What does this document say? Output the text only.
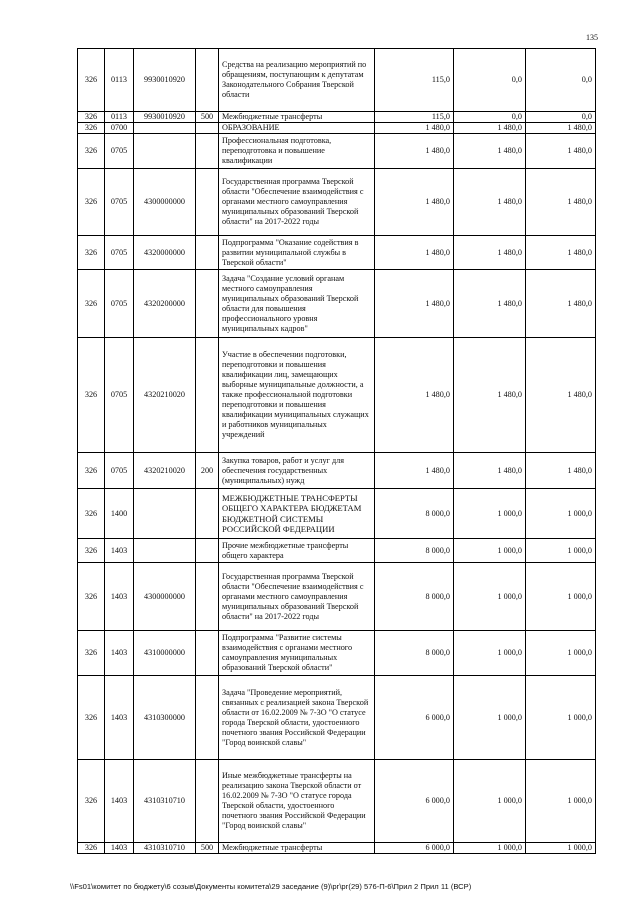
135
326	0113	9930010920		Средства на реализацию мероприятий по обращениям, поступающим к депутатам Законодательного Собрания Тверской области	115,0	0,0	0,0
326	0113	9930010920	500	Межбюджетные трансферты	115,0	0,0	0,0
326	0700			ОБРАЗОВАНИЕ	1 480,0	1 480,0	1 480,0
326	0705			Профессиональная подготовка, переподготовка и повышение квалификации	1 480,0	1 480,0	1 480,0
326	0705	4300000000		Государственная программа Тверской области "Обеспечение взаимодействия с органами местного самоуправления муниципальных образований Тверской области" на 2017-2022 годы	1 480,0	1 480,0	1 480,0
326	0705	4320000000		Подпрограмма "Оказание содействия в развитии муниципальной службы в Тверской области"	1 480,0	1 480,0	1 480,0
326	0705	4320200000		Задача "Создание условий органам местного самоуправления муниципальных образований Тверской области для повышения профессионального уровня муниципальных кадров"	1 480,0	1 480,0	1 480,0
326	0705	4320210020		Участие в обеспечении подготовки, переподготовки и повышения квалификации лиц, замещающих выборные муниципальные должности, а также профессиональной подготовки переподготовки и повышения квалификации муниципальных служащих и работников муниципальных учреждений	1 480,0	1 480,0	1 480,0
326	0705	4320210020	200	Закупка товаров, работ и услуг для обеспечения государственных (муниципальных) нужд	1 480,0	1 480,0	1 480,0
326	1400			МЕЖБЮДЖЕТНЫЕ ТРАНСФЕРТЫ ОБЩЕГО ХАРАКТЕРА БЮДЖЕТАМ БЮДЖЕТНОЙ СИСТЕМЫ РОССИЙСКОЙ ФЕДЕРАЦИИ	8 000,0	1 000,0	1 000,0
326	1403			Прочие межбюджетные трансферты общего характера	8 000,0	1 000,0	1 000,0
326	1403	4300000000		Государственная программа Тверской области "Обеспечение взаимодействия с органами местного самоуправления муниципальных образований Тверской области" на 2017-2022 годы	8 000,0	1 000,0	1 000,0
326	1403	4310000000		Подпрограмма "Развитие системы взаимодействия с органами местного самоуправления муниципальных образований Тверской области"	8 000,0	1 000,0	1 000,0
326	1403	4310300000		Задача "Проведение мероприятий, связанных с реализацией закона Тверской области от 16.02.2009 № 7-ЗО "О статусе города Тверской области, удостоенного почетного звания Российской Федерации "Город воинской славы"	6 000,0	1 000,0	1 000,0
326	1403	4310310710		Иные межбюджетные трансферты на реализацию закона Тверской области от 16.02.2009 № 7-ЗО "О статусе города Тверской области, удостоенного почетного звания Российской Федерации "Город воинской славы"	6 000,0	1 000,0	1 000,0
326	1403	4310310710	500	Межбюджетные трансферты	6 000,0	1 000,0	1 000,0
\\Fs01\комитет по бюджету\6 созыв\Документы комитета\29 заседание (9)\рг\рг(29) 576-П-6\Прил 2 Прил 11 (ВСР)
